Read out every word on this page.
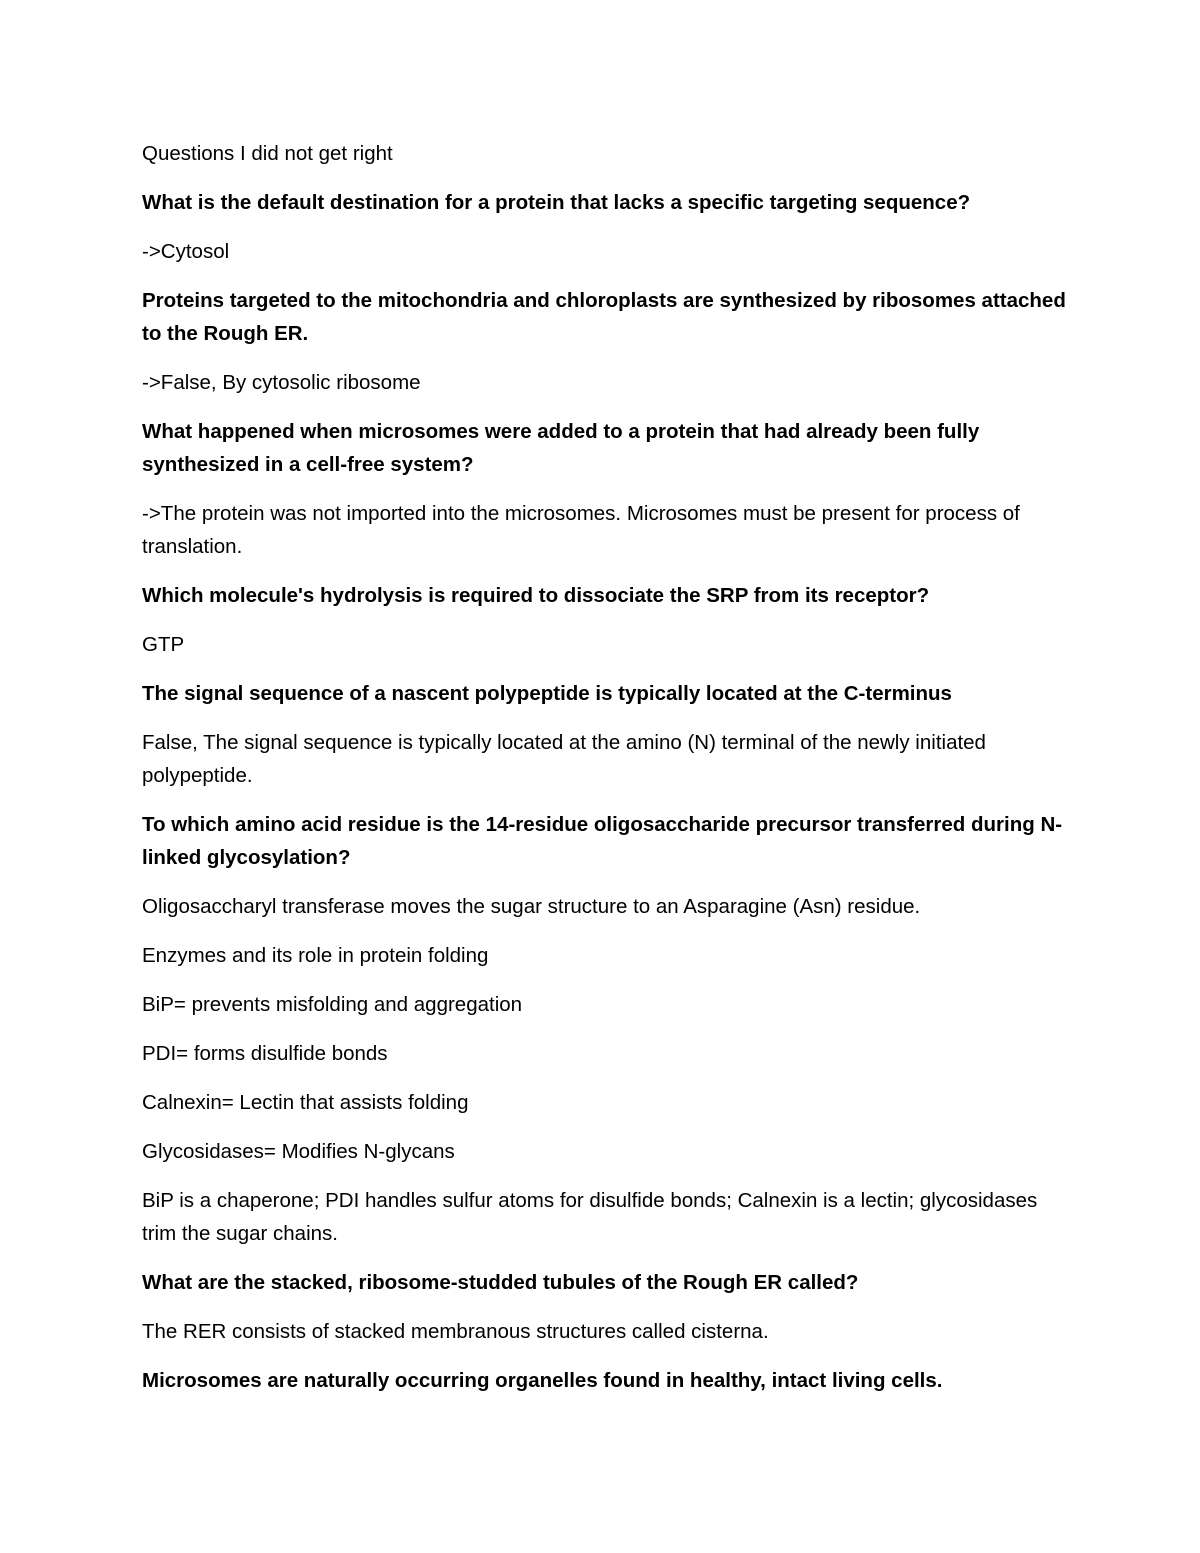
Questions I did not get right

What is the default destination for a protein that lacks a specific targeting sequence?

->Cytosol

Proteins targeted to the mitochondria and chloroplasts are synthesized by ribosomes attached to the Rough ER.

->False, By cytosolic ribosome

What happened when microsomes were added to a protein that had already been fully synthesized in a cell-free system?

->The protein was not imported into the microsomes. Microsomes must be present for process of translation.

Which molecule's hydrolysis is required to dissociate the SRP from its receptor?

GTP

The signal sequence of a nascent polypeptide is typically located at the C-terminus

False, The signal sequence is typically located at the amino (N) terminal of the newly initiated polypeptide.

To which amino acid residue is the 14-residue oligosaccharide precursor transferred during N-linked glycosylation?

Oligosaccharyl transferase moves the sugar structure to an Asparagine (Asn) residue.

Enzymes and its role in protein folding

BiP= prevents misfolding and aggregation

PDI= forms disulfide bonds

Calnexin= Lectin that assists folding

Glycosidases= Modifies N-glycans

BiP is a chaperone; PDI handles sulfur atoms for disulfide bonds; Calnexin is a lectin; glycosidases trim the sugar chains.

What are the stacked, ribosome-studded tubules of the Rough ER called?

The RER consists of stacked membranous structures called cisterna.

Microsomes are naturally occurring organelles found in healthy, intact living cells.
